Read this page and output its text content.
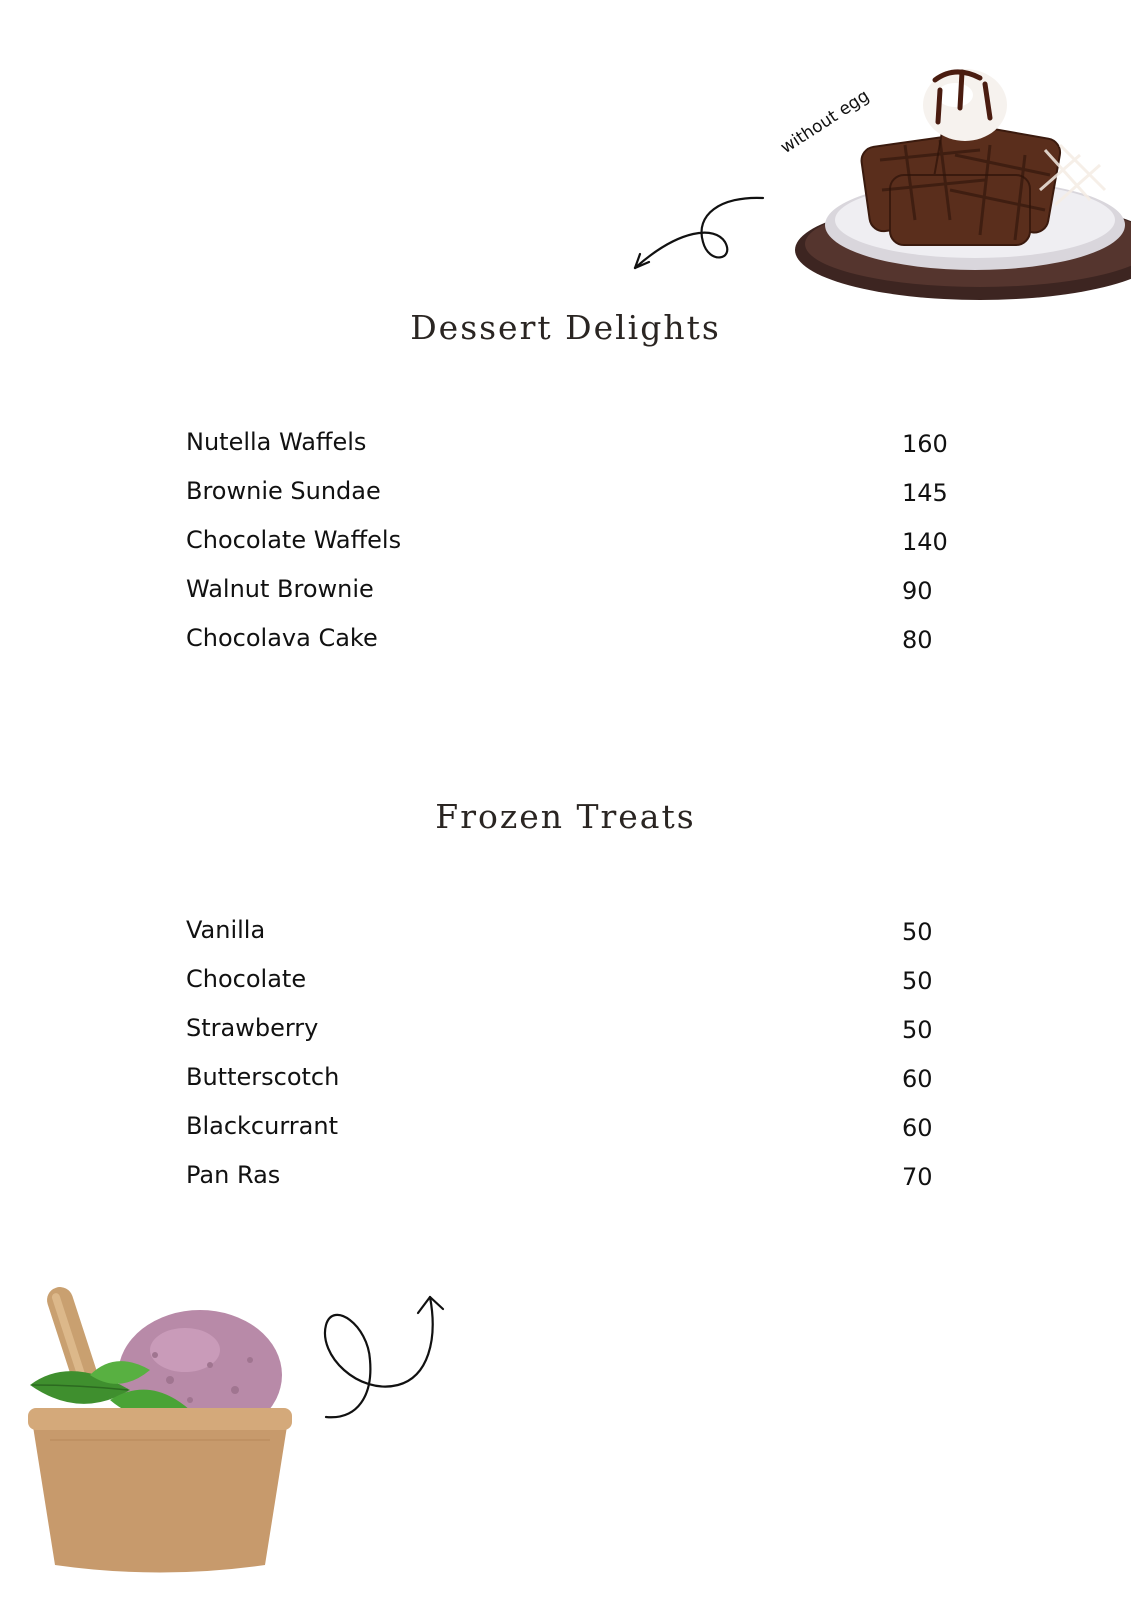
without egg
Dessert Delights
Nutella Waffels	160
Brownie Sundae	145
Chocolate Waffels	140
Walnut Brownie	90
Chocolava Cake	80
Frozen Treats
Vanilla	50
Chocolate	50
Strawberry	50
Butterscotch	60
Blackcurrant	60
Pan Ras	70
